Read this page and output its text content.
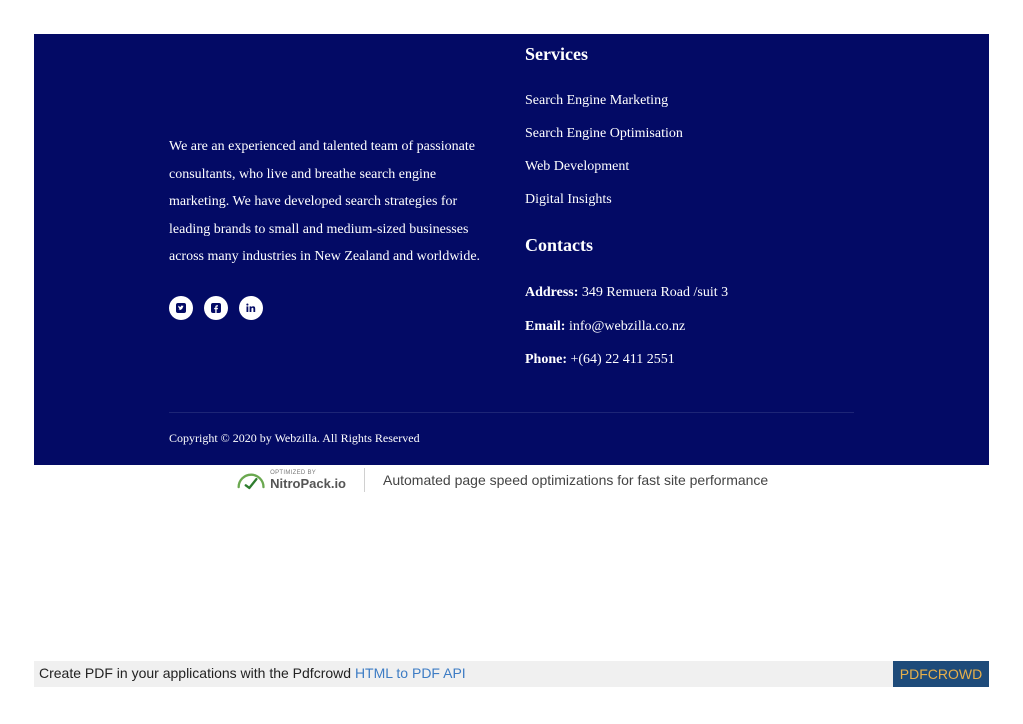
We are an experienced and talented team of passionate consultants, who live and breathe search engine marketing. We have developed search strategies for leading brands to small and medium-sized businesses across many industries in New Zealand and worldwide.
Services
Search Engine Marketing
Search Engine Optimisation
Web Development
Digital Insights
Contacts
Address: 349 Remuera Road /suit 3
Email: info@webzilla.co.nz
Phone: +(64) 22 411 2551
Copyright © 2020 by Webzilla. All Rights Reserved
OPTIMIZED BY
NitroPack.io	Automated page speed optimizations for fast site performance
Create PDF in your applications with the Pdfcrowd HTML to PDF API	PDFCROWD
